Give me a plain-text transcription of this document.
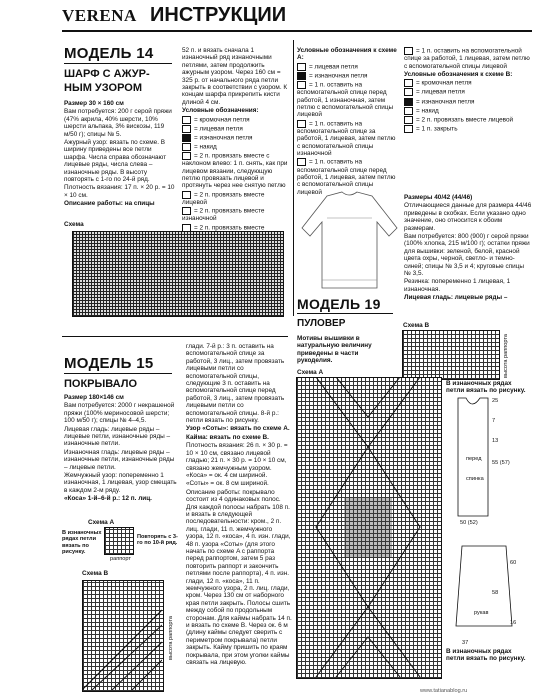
VERENA ИНСТРУКЦИИ
МОДЕЛЬ 14
ШАРФ С АЖУР-
НЫМ УЗОРОМ
Размер 30 × 160 см
Вам потребуется: 200 г серой пряжи (47% акрила, 40% шерсти, 10% шерсти альпака, 3% вискозы, 119 м/50 г); спицы № 5.
Ажурный узор: вязать по схеме. В ширину приведены все петли шарфа. Числа справа обозначают лицевые ряды, числа слева – изнаночные ряды. В высоту повторять с 1-го по 24-й ряд.
Плотность вязания: 17 п. × 20 р. = 10 × 10 см.
Описание работы: на спицы
52 п. и вязать сначала 1 изнаночный ряд изнаночными петлями, затем продолжить ажурным узором. Через 160 см = 325 р. от начального ряда петли закрыть в соответствии с узором. К концам шарфа прикрепить кисти длиной 4 см.
Условные обозначения:
= кромочная петля
= лицевая петля
= изнаночная петля
= накид
= 2 п. провязать вместе с наклоном влево: 1 п. снять, как при лицевом вязании, следующую петлю провязать лицевой и протянуть через нее снятую петлю
= 2 п. провязать вместе лицевой
= 2 п. провязать вместе изнаночной
= 2 п. провязать вместе
Схема
Условные обозначения к схеме A:
= лицевая петля
= изнаночная петля
= 1 п. оставить на вспомогательной спице перед работой, 1 изнаночная, затем петлю с вспомогательной спицы лицевой
= 1 п. оставить на вспомогательной спице за работой, 1 лицевая, затем петлю с вспомогательной спицы изнаночной
= 1 п. оставить на вспомогательной спице перед работой, 1 лицевая, затем петлю с вспомогательной спицы лицевой
= 1 п. оставить на вспомогательной спице за работой, 1 лицевая, затем петлю с вспомогательной спицы лицевой
Условные обозначения к схеме B:
= кромочная петля
= лицевая петля
= изнаночная петля
= накид
= 2 п. провязать вместе лицевой
= 1 п. закрыть
Размеры 40/42 (44/46)
Отличающиеся данные для размера 44/46 приведены в скобках. Если указано одно значение, оно относится к обоим размерам.
Вам потребуется: 800 (900) г серой пряжи (100% хлопка, 215 м/100 г); остатки пряжи для вышивки: зеленой, белой, красной цвета охры, черной, светло- и темно-синей; спицы № 3,5 и 4; круговые спицы № 3,5.
Резинка: попеременно 1 лицевая, 1 изнаночная.
Лицевая гладь: лицевые ряды –
МОДЕЛЬ 19
ПУЛОВЕР
Мотивы вышивки в натуральную величину приведены в части рукоделия.
Схема B
высота раппорта
В изнаночных рядах петли вязать по рисунку.
Схема A
перед
спинка
рукав
25
7
13
50 (52)
55 (57)
58
37
60
16
В изнаночных рядах петли вязать по рисунку.
МОДЕЛЬ 15
ПОКРЫВАЛО
Размер 180×146 см
Вам потребуется: 2000 г некрашеной пряжи (100% мериносовой шерсти; 100 м/50 г); спицы № 4–4,5.
Лицевая гладь: лицевые ряды – лицевые петли, изнаночные ряды – изнаночные петли.
Изнаночная гладь: лицевые ряды – изнаночные петли, изнаночные ряды – лицевые петли.
Жемчужный узор: попеременно 1 изнаночная, 1 лицевая, узор смещать в каждом 2-м ряду.
«Коса» 1-й–6-й р.: 12 п. лиц.
Схема A
В изнаночных рядах петли вязать по рисунку.
Повторять с 3-го по 10-й ряд.
раппорт
Схема B
высота раппорта
глади. 7-й р.: 3 п. оставить на вспомогательной спице за работой, 3 лиц., затем провязать лицевыми петли со вспомогательной спицы, следующие 3 п. оставить на вспомогательной спице перед работой, 3 лиц., затем провязать лицевыми петли со вспомогательной спицы. 8-й р.: петли вязать по рисунку.
Узор «Соты»: вязать по схеме A.
Кайма: вязать по схеме B.
Плотность вязания: 26 п. × 30 р. = 10 × 10 см, связано лицевой гладью; 21 п. × 30 р. = 10 × 10 см, связано жемчужным узором. «Коса» = ок. 4 см шириной.
«Соты» = ок. 8 см шириной.
Описание работы: покрывало состоит из 4 одинаковых полос. Для каждой полосы набрать 108 п. и вязать в следующей последовательности: кром., 2 п. лиц. глади, 11 п. жемчужного узора, 12 п. «коса», 4 п. изн. глади, 48 п. узора «Соты» (для этого начать по схеме A с раппорта перед раппортом, затем 5 раз повторить раппорт и закончить петлями после раппорта), 4 п. изн. глади, 12 п. «коса», 11 п. жемчужного узора, 2 п. лиц. глади, кром. Через 130 см от наборного края петли закрыть. Полосы сшить между собой по продольным сторонам. Для каймы набрать 14 п. и вязать по схеме B. Через ок. 6 м (длину каймы следует сверить с периметром покрывала) петли закрыть. Кайму пришить по краям покрывала, при этом уголки каймы связать на лицевую.
www.tatianablog.ru
